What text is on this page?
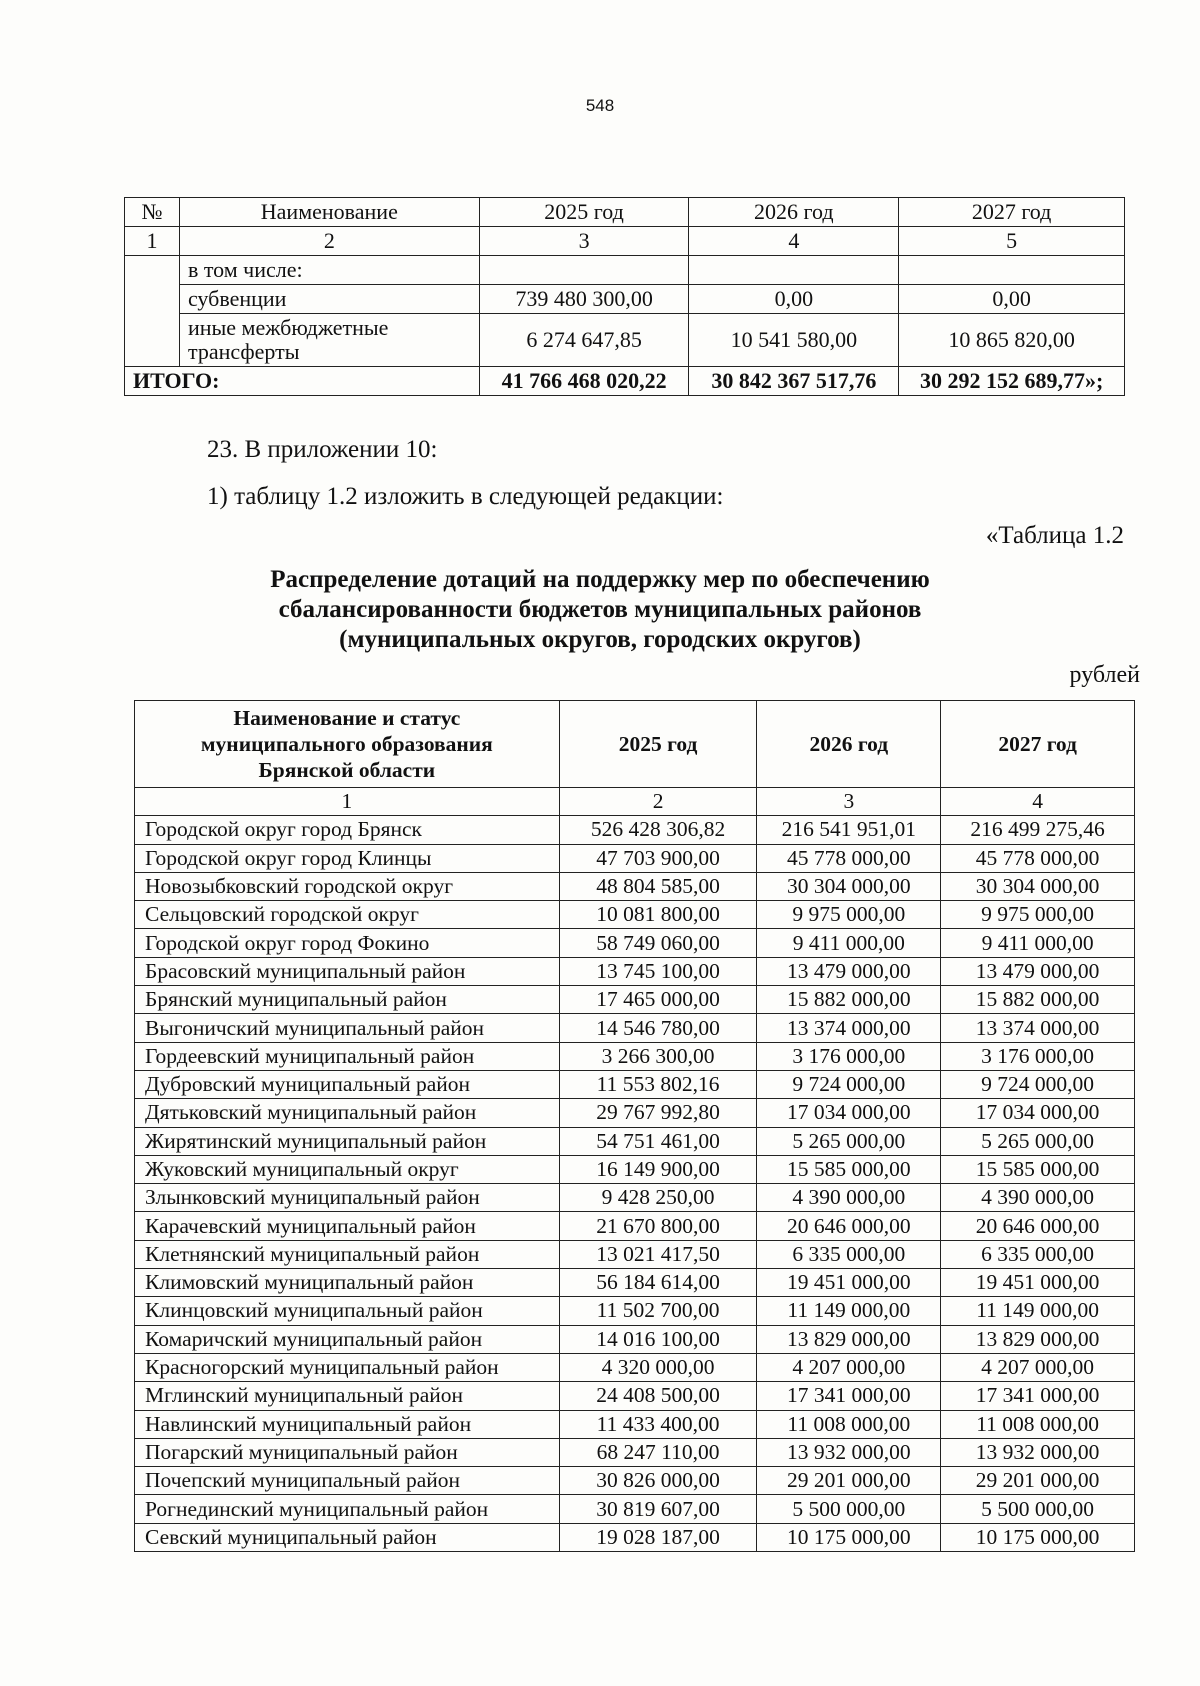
548
№	Наименование	2025 год	2026 год	2027 год
1	2	3	4	5
	в том числе:			
	субвенции	739 480 300,00	0,00	0,00
	иные межбюджетные трансферты	6 274 647,85	10 541 580,00	10 865 820,00
ИТОГО:		41 766 468 020,22	30 842 367 517,76	30 292 152 689,77»;
23. В приложении 10:
1) таблицу 1.2 изложить в следующей редакции:
«Таблица 1.2
Распределение дотаций на поддержку мер по обеспечению
сбалансированности бюджетов муниципальных районов
(муниципальных округов, городских округов)
рублей
Наименование и статус муниципального образования Брянской области	2025 год	2026 год	2027 год
1	2	3	4
Городской округ город Брянск	526 428 306,82	216 541 951,01	216 499 275,46
Городской округ город Клинцы	47 703 900,00	45 778 000,00	45 778 000,00
Новозыбковский городской округ	48 804 585,00	30 304 000,00	30 304 000,00
Сельцовский городской округ	10 081 800,00	9 975 000,00	9 975 000,00
Городской округ город Фокино	58 749 060,00	9 411 000,00	9 411 000,00
Брасовский муниципальный район	13 745 100,00	13 479 000,00	13 479 000,00
Брянский муниципальный район	17 465 000,00	15 882 000,00	15 882 000,00
Выгоничский муниципальный район	14 546 780,00	13 374 000,00	13 374 000,00
Гордеевский муниципальный район	3 266 300,00	3 176 000,00	3 176 000,00
Дубровский муниципальный район	11 553 802,16	9 724 000,00	9 724 000,00
Дятьковский муниципальный район	29 767 992,80	17 034 000,00	17 034 000,00
Жирятинский муниципальный район	54 751 461,00	5 265 000,00	5 265 000,00
Жуковский муниципальный округ	16 149 900,00	15 585 000,00	15 585 000,00
Злынковский муниципальный район	9 428 250,00	4 390 000,00	4 390 000,00
Карачевский муниципальный район	21 670 800,00	20 646 000,00	20 646 000,00
Клетнянский муниципальный район	13 021 417,50	6 335 000,00	6 335 000,00
Климовский муниципальный район	56 184 614,00	19 451 000,00	19 451 000,00
Клинцовский муниципальный район	11 502 700,00	11 149 000,00	11 149 000,00
Комаричский муниципальный район	14 016 100,00	13 829 000,00	13 829 000,00
Красногорский муниципальный район	4 320 000,00	4 207 000,00	4 207 000,00
Мглинский муниципальный район	24 408 500,00	17 341 000,00	17 341 000,00
Навлинский муниципальный район	11 433 400,00	11 008 000,00	11 008 000,00
Погарский муниципальный район	68 247 110,00	13 932 000,00	13 932 000,00
Почепский муниципальный район	30 826 000,00	29 201 000,00	29 201 000,00
Рогнединский муниципальный район	30 819 607,00	5 500 000,00	5 500 000,00
Севский муниципальный район	19 028 187,00	10 175 000,00	10 175 000,00
